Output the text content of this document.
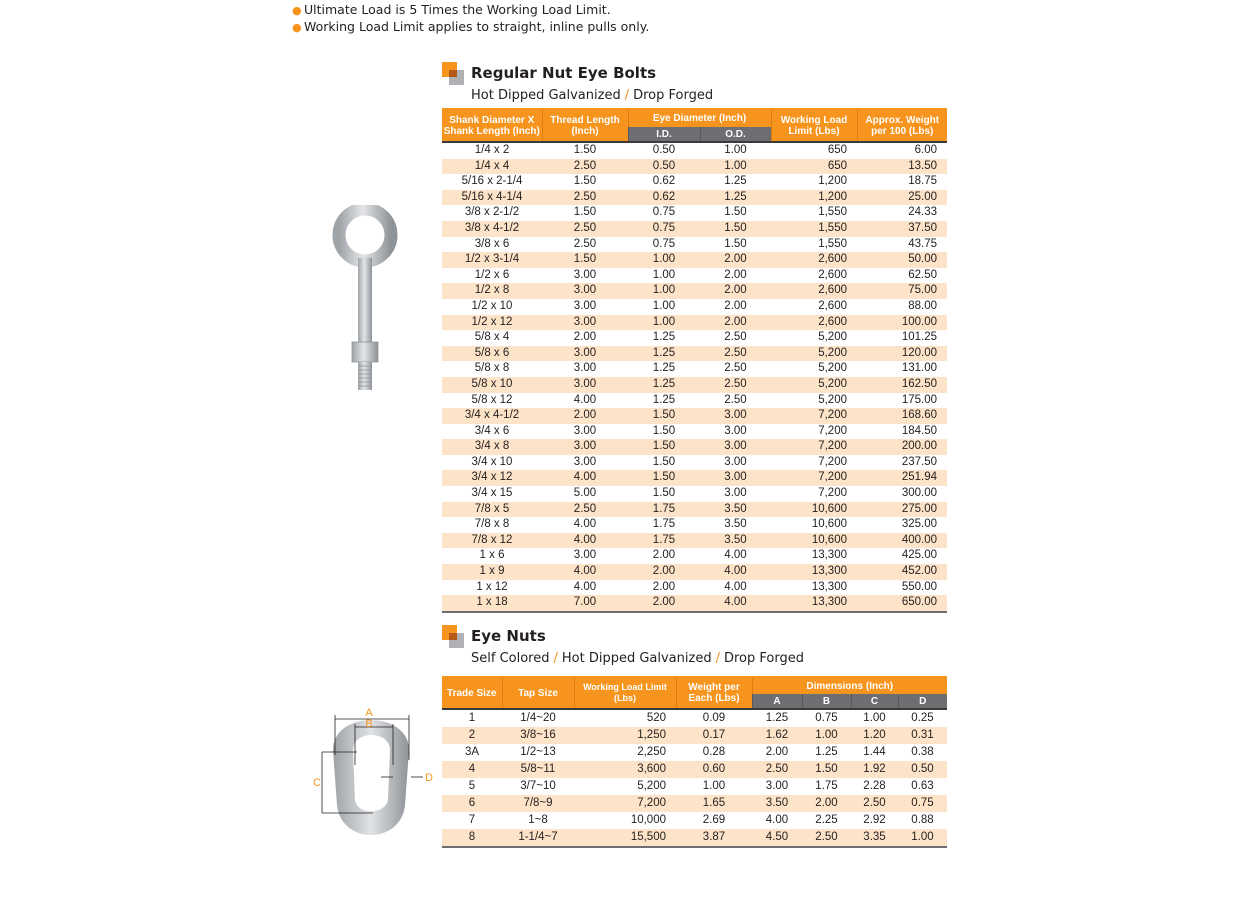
● Ultimate Load is 5 Times the Working Load Limit.
● Working Load Limit applies to straight, inline pulls only.
Regular Nut Eye Bolts
Hot Dipped Galvanized / Drop Forged
Shank Diameter X Shank Length (Inch)	Thread Length (Inch)	Eye Diameter (Inch)		Working Load Limit (Lbs)	Approx. Weight per 100 (Lbs)
		I.D.	O.D.		
1/4 x 2	1.50	0.50	1.00	650	6.00
1/4 x 4	2.50	0.50	1.00	650	13.50
5/16 x 2-1/4	1.50	0.62	1.25	1,200	18.75
5/16 x 4-1/4	2.50	0.62	1.25	1,200	25.00
3/8 x 2-1/2	1.50	0.75	1.50	1,550	24.33
3/8 x 4-1/2	2.50	0.75	1.50	1,550	37.50
3/8 x 6	2.50	0.75	1.50	1,550	43.75
1/2 x 3-1/4	1.50	1.00	2.00	2,600	50.00
1/2 x 6	3.00	1.00	2.00	2,600	62.50
1/2 x 8	3.00	1.00	2.00	2,600	75.00
1/2 x 10	3.00	1.00	2.00	2,600	88.00
1/2 x 12	3.00	1.00	2.00	2,600	100.00
5/8 x 4	2.00	1.25	2.50	5,200	101.25
5/8 x 6	3.00	1.25	2.50	5,200	120.00
5/8 x 8	3.00	1.25	2.50	5,200	131.00
5/8 x 10	3.00	1.25	2.50	5,200	162.50
5/8 x 12	4.00	1.25	2.50	5,200	175.00
3/4 x 4-1/2	2.00	1.50	3.00	7,200	168.60
3/4 x 6	3.00	1.50	3.00	7,200	184.50
3/4 x 8	3.00	1.50	3.00	7,200	200.00
3/4 x 10	3.00	1.50	3.00	7,200	237.50
3/4 x 12	4.00	1.50	3.00	7,200	251.94
3/4 x 15	5.00	1.50	3.00	7,200	300.00
7/8 x 5	2.50	1.75	3.50	10,600	275.00
7/8 x 8	4.00	1.75	3.50	10,600	325.00
7/8 x 12	4.00	1.75	3.50	10,600	400.00
1 x 6	3.00	2.00	4.00	13,300	425.00
1 x 9	4.00	2.00	4.00	13,300	452.00
1 x 12	4.00	2.00	4.00	13,300	550.00
1 x 18	7.00	2.00	4.00	13,300	650.00
A
B
C	D
Eye Nuts
Self Colored / Hot Dipped Galvanized / Drop Forged
Trade Size	Tap Size	Working Load Limit (Lbs)	Weight per Each (Lbs)	Dimensions (Inch)			
				A	B	C	D
1	1/4~20	520	0.09	1.25	0.75	1.00	0.25
2	3/8~16	1,250	0.17	1.62	1.00	1.20	0.31
3A	1/2~13	2,250	0.28	2.00	1.25	1.44	0.38
4	5/8~11	3,600	0.60	2.50	1.50	1.92	0.50
5	3/7~10	5,200	1.00	3.00	1.75	2.28	0.63
6	7/8~9	7,200	1.65	3.50	2.00	2.50	0.75
7	1~8	10,000	2.69	4.00	2.25	2.92	0.88
8	1-1/4~7	15,500	3.87	4.50	2.50	3.35	1.00
